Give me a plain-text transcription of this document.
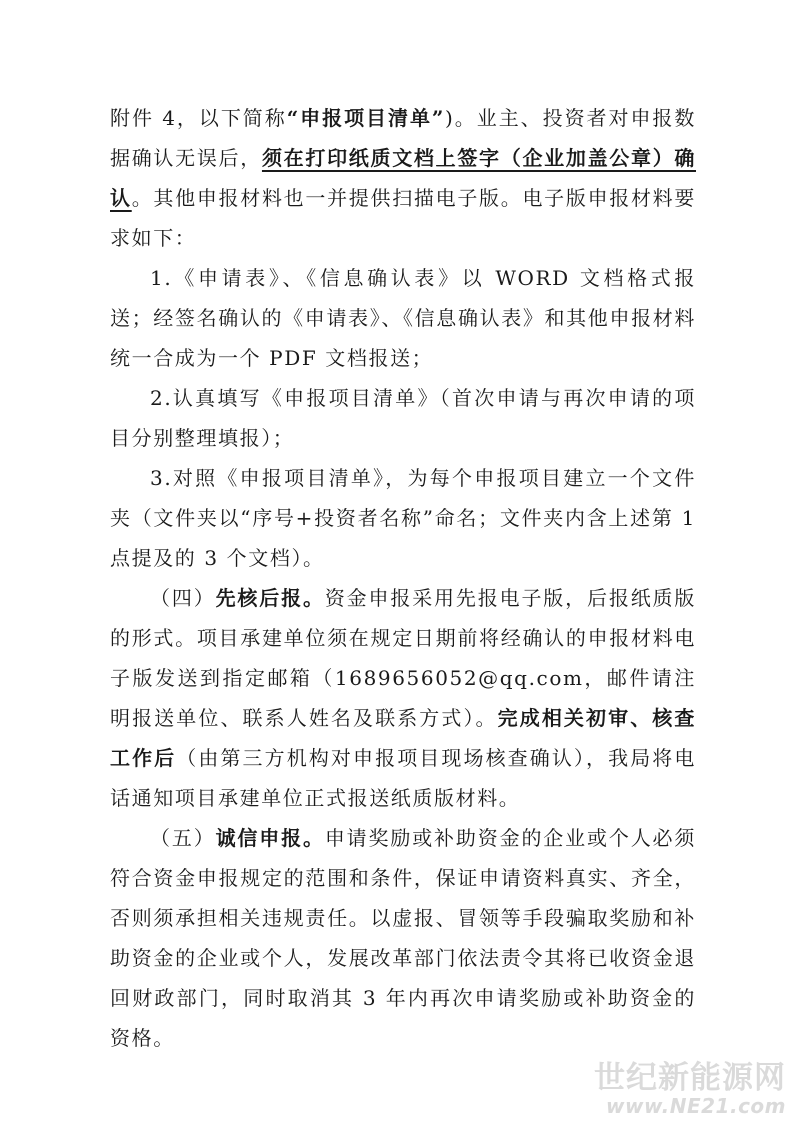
附件 4，以下简称“申报项目清单”)。业主、投资者对申报数据确认无误后，须在打印纸质文档上签字（企业加盖公章）确认。其他申报材料也一并提供扫描电子版。电子版申报材料要求如下：

1.《申请表》、《信息确认表》以 WORD 文档格式报送；经签名确认的《申请表》、《信息确认表》和其他申报材料统一合成为一个 PDF 文档报送；

2.认真填写《申报项目清单》（首次申请与再次申请的项目分别整理填报）；

3.对照《申报项目清单》，为每个申报项目建立一个文件夹（文件夹以“序号+投资者名称”命名；文件夹内含上述第 1 点提及的 3 个文档）。

（四）先核后报。资金申报采用先报电子版，后报纸质版的形式。项目承建单位须在规定日期前将经确认的申报材料电子版发送到指定邮箱（1689656052@qq.com，邮件请注明报送单位、联系人姓名及联系方式）。完成相关初审、核查工作后（由第三方机构对申报项目现场核查确认），我局将电话通知项目承建单位正式报送纸质版材料。

（五）诚信申报。申请奖励或补助资金的企业或个人必须符合资金申报规定的范围和条件，保证申请资料真实、齐全，否则须承担相关违规责任。以虚报、冒领等手段骗取奖励和补助资金的企业或个人，发展改革部门依法责令其将已收资金退回财政部门，同时取消其 3 年内再次申请奖励或补助资金的资格。

世纪新能源网
www.NE21.com
